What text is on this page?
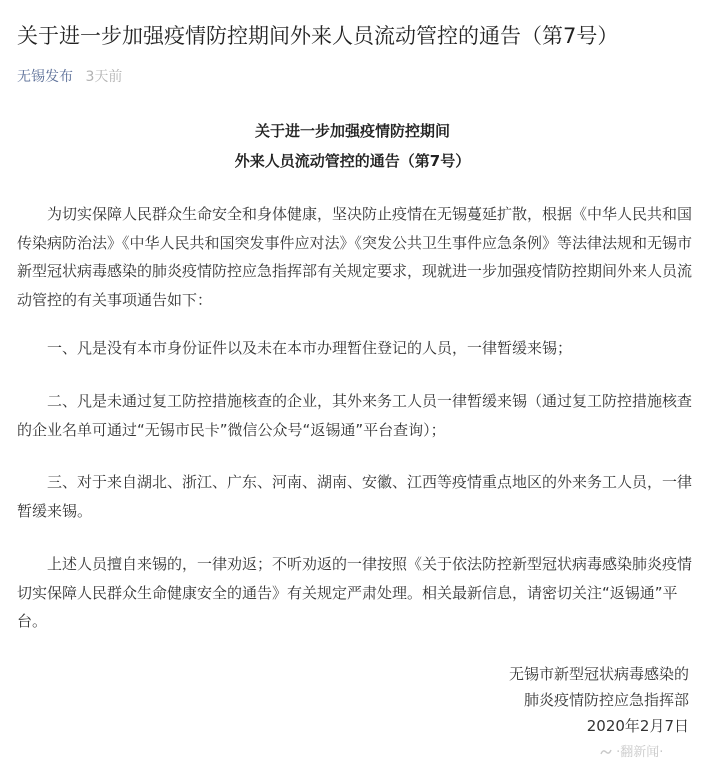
关于进一步加强疫情防控期间外来人员流动管控的通告（第7号）
无锡发布 3天前
关于进一步加强疫情防控期间
外来人员流动管控的通告（第7号）

为切实保障人民群众生命安全和身体健康，坚决防止疫情在无锡蔓延扩散，根据《中华人民共和国传染病防治法》《中华人民共和国突发事件应对法》《突发公共卫生事件应急条例》等法律法规和无锡市新型冠状病毒感染的肺炎疫情防控应急指挥部有关规定要求，现就进一步加强疫情防控期间外来人员流动管控的有关事项通告如下：

一、凡是没有本市身份证件以及未在本市办理暂住登记的人员，一律暂缓来锡；

二、凡是未通过复工防控措施核查的企业，其外来务工人员一律暂缓来锡（通过复工防控措施核查的企业名单可通过“无锡市民卡”微信公众号“返锡通”平台查询）；

三、对于来自湖北、浙江、广东、河南、湖南、安徽、江西等疫情重点地区的外来务工人员，一律暂缓来锡。

上述人员擅自来锡的，一律劝返；不听劝返的一律按照《关于依法防控新型冠状病毒感染肺炎疫情切实保障人民群众生命健康安全的通告》有关规定严肃处理。相关最新信息，请密切关注“返锡通”平台。

无锡市新型冠状病毒感染的
肺炎疫情防控应急指挥部
2020年2月7日
·翻新闻·
